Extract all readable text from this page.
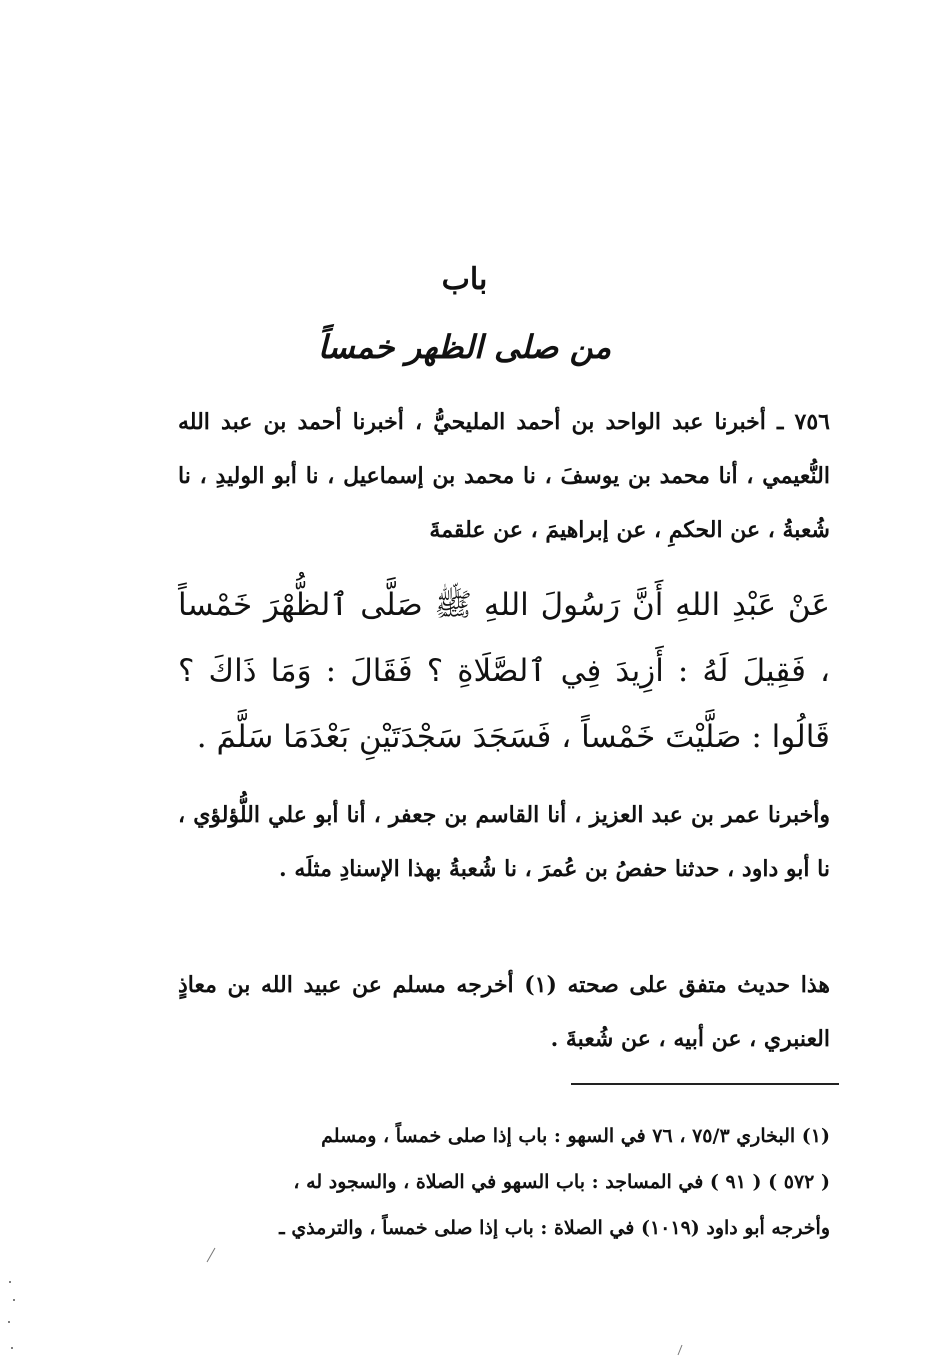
باب
من صلى الظهر خمساً
٧٥٦ ـ أخبرنا عبد الواحد بن أحمد المليحيُّ ، أخبرنا أحمد بن عبد الله النُّعيمي ، أنا محمد بن يوسفَ ، نا محمد بن إسماعيل ، نا أبو الوليدِ ، نا شُعبةُ ، عن الحكمِ ، عن إبراهيمَ ، عن علقمةَ
عَنْ عَبْدِ اللهِ أَنَّ رَسُولَ اللهِ ﷺ صَلَّى ٱلظُّهْرَ خَمْساً ، فَقِيلَ لَهُ : أَزِيدَ فِي ٱلصَّلَاةِ ؟ فَقَالَ : وَمَا ذَاكَ ؟ قَالُوا : صَلَّيْتَ خَمْساً ، فَسَجَدَ سَجْدَتَيْنِ بَعْدَمَا سَلَّمَ .
وأخبرنا عمر بن عبد العزيز ، أنا القاسم بن جعفر ، أنا أبو علي اللُّؤلؤي ، نا أبو داود ، حدثنا حفصُ بن عُمرَ ، نا شُعبةُ بهذا الإسنادِ مثلَه .
هذا حديث متفق على صحته (١) أخرجه مسلم عن عبيد الله بن معاذٍ العنبري ، عن أبيه ، عن شُعبةَ .
(١) البخاري ٧٥/٣ ، ٧٦ في السهو : باب إذا صلى خمساً ، ومسلم
( ٥٧٢ ) ( ٩١ ) في المساجد : باب السهو في الصلاة ، والسجود له ،
وأخرجه أبو داود (١٠١٩) في الصلاة : باب إذا صلى خمساً ، والترمذي ـ
